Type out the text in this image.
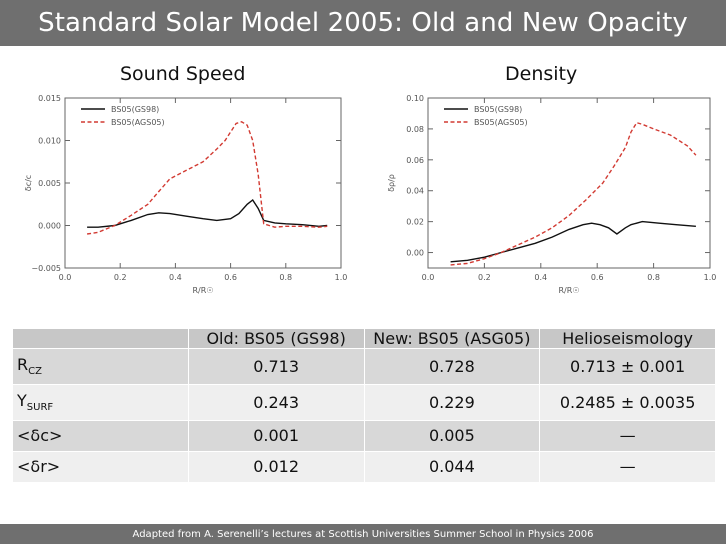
Standard Solar Model 2005: Old and New Opacity
Sound Speed	Density
0.0	0.2	0.4	0.6	0.8	1.0
−0.005
0.000
0.005
0.010
0.015
R/R☉
δc/c
BS05(GS98)
BS05(AGS05)
0.0	0.2	0.4	0.6	0.8	1.0
0.00
0.02
0.04
0.06
0.08
0.10
R/R☉
δρ/ρ
BS05(GS98)
BS05(AGS05)
	Old: BS05 (GS98)	New: BS05 (ASG05)	Helioseismology
$R_{CZ}$	0.713	0.728	0.713 ± 0.001
$Y_{SURF}$	0.243	0.229	0.2485 ± 0.0035
<δc>	0.001	0.005	—
<δr>	0.012	0.044	—
Adapted from A. Serenelli’s lectures at Scottish Universities Summer School in Physics 2006
